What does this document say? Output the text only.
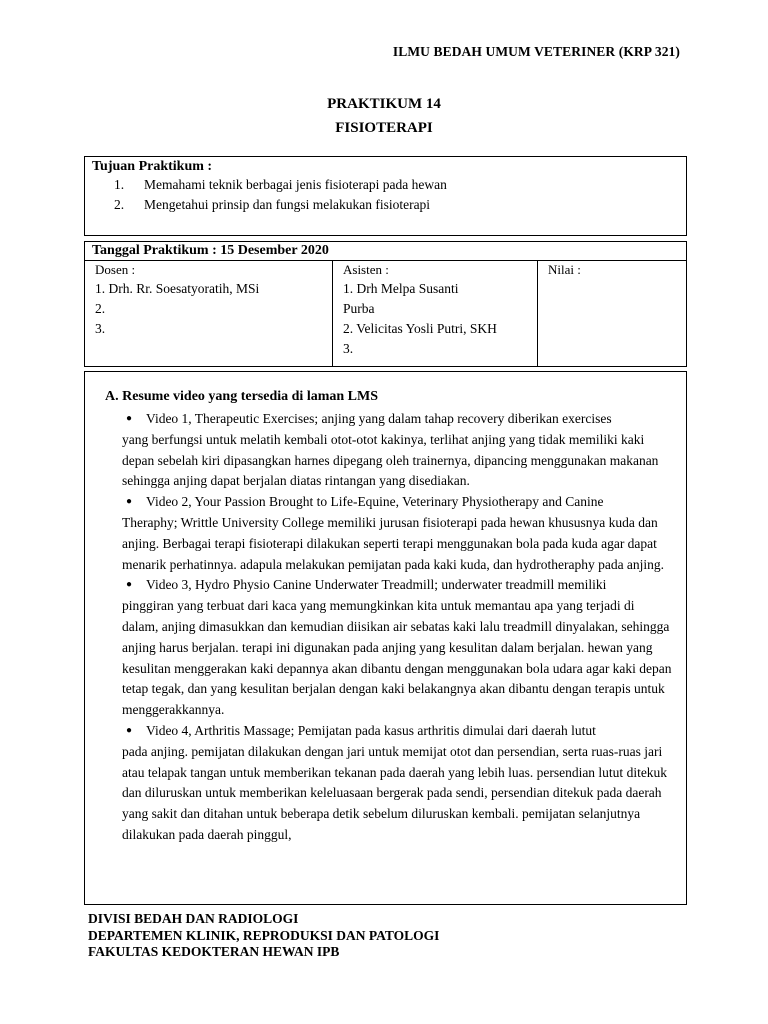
ILMU BEDAH UMUM VETERINER (KRP 321)
PRAKTIKUM 14
FISIOTERAPI
Tujuan Praktikum :
1. Memahami teknik berbagai jenis fisioterapi pada hewan
2. Mengetahui prinsip dan fungsi melakukan fisioterapi
Tanggal Praktikum : 15 Desember 2020
Dosen :
1. Drh. Rr. Soesatyoratih, MSi
2.
3.
Asisten :
1. Drh Melpa Susanti
Purba
2. Velicitas Yosli Putri, SKH
3.
Nilai :
A. Resume video yang tersedia di laman LMS
● Video 1, Therapeutic Exercises; anjing yang dalam tahap recovery diberikan exercises
yang berfungsi untuk melatih kembali otot-otot kakinya, terlihat anjing yang tidak memiliki kaki depan sebelah kiri dipasangkan harnes dipegang oleh trainernya, dipancing menggunakan makanan sehingga anjing dapat berjalan diatas rintangan yang disediakan.
● Video 2, Your Passion Brought to Life-Equine, Veterinary Physiotherapy and Canine
Theraphy; Writtle University College memiliki jurusan fisioterapi pada hewan khususnya kuda dan anjing. Berbagai terapi fisioterapi dilakukan seperti terapi menggunakan bola pada kuda agar dapat menarik perhatinnya. adapula melakukan pemijatan pada kaki kuda, dan hydrotheraphy pada anjing.
● Video 3, Hydro Physio Canine Underwater Treadmill; underwater treadmill memiliki
pinggiran yang terbuat dari kaca yang memungkinkan kita untuk memantau apa yang terjadi di dalam, anjing dimasukkan dan kemudian diisikan air sebatas kaki lalu treadmill dinyalakan, sehingga anjing harus berjalan. terapi ini digunakan pada anjing yang kesulitan dalam berjalan. hewan yang kesulitan menggerakan kaki depannya akan dibantu dengan menggunakan bola udara agar kaki depan tetap tegak, dan yang kesulitan berjalan dengan kaki belakangnya akan dibantu dengan terapis untuk menggerakkannya.
● Video 4, Arthritis Massage; Pemijatan pada kasus arthritis dimulai dari daerah lutut
pada anjing. pemijatan dilakukan dengan jari untuk memijat otot dan persendian, serta ruas-ruas jari atau telapak tangan untuk memberikan tekanan pada daerah yang lebih luas. persendian lutut ditekuk dan diluruskan untuk memberikan keleluasaan bergerak pada sendi, persendian ditekuk pada daerah yang sakit dan ditahan untuk beberapa detik sebelum diluruskan kembali. pemijatan selanjutnya dilakukan pada daerah pinggul,
DIVISI BEDAH DAN RADIOLOGI
DEPARTEMEN KLINIK, REPRODUKSI DAN PATOLOGI
FAKULTAS KEDOKTERAN HEWAN IPB
